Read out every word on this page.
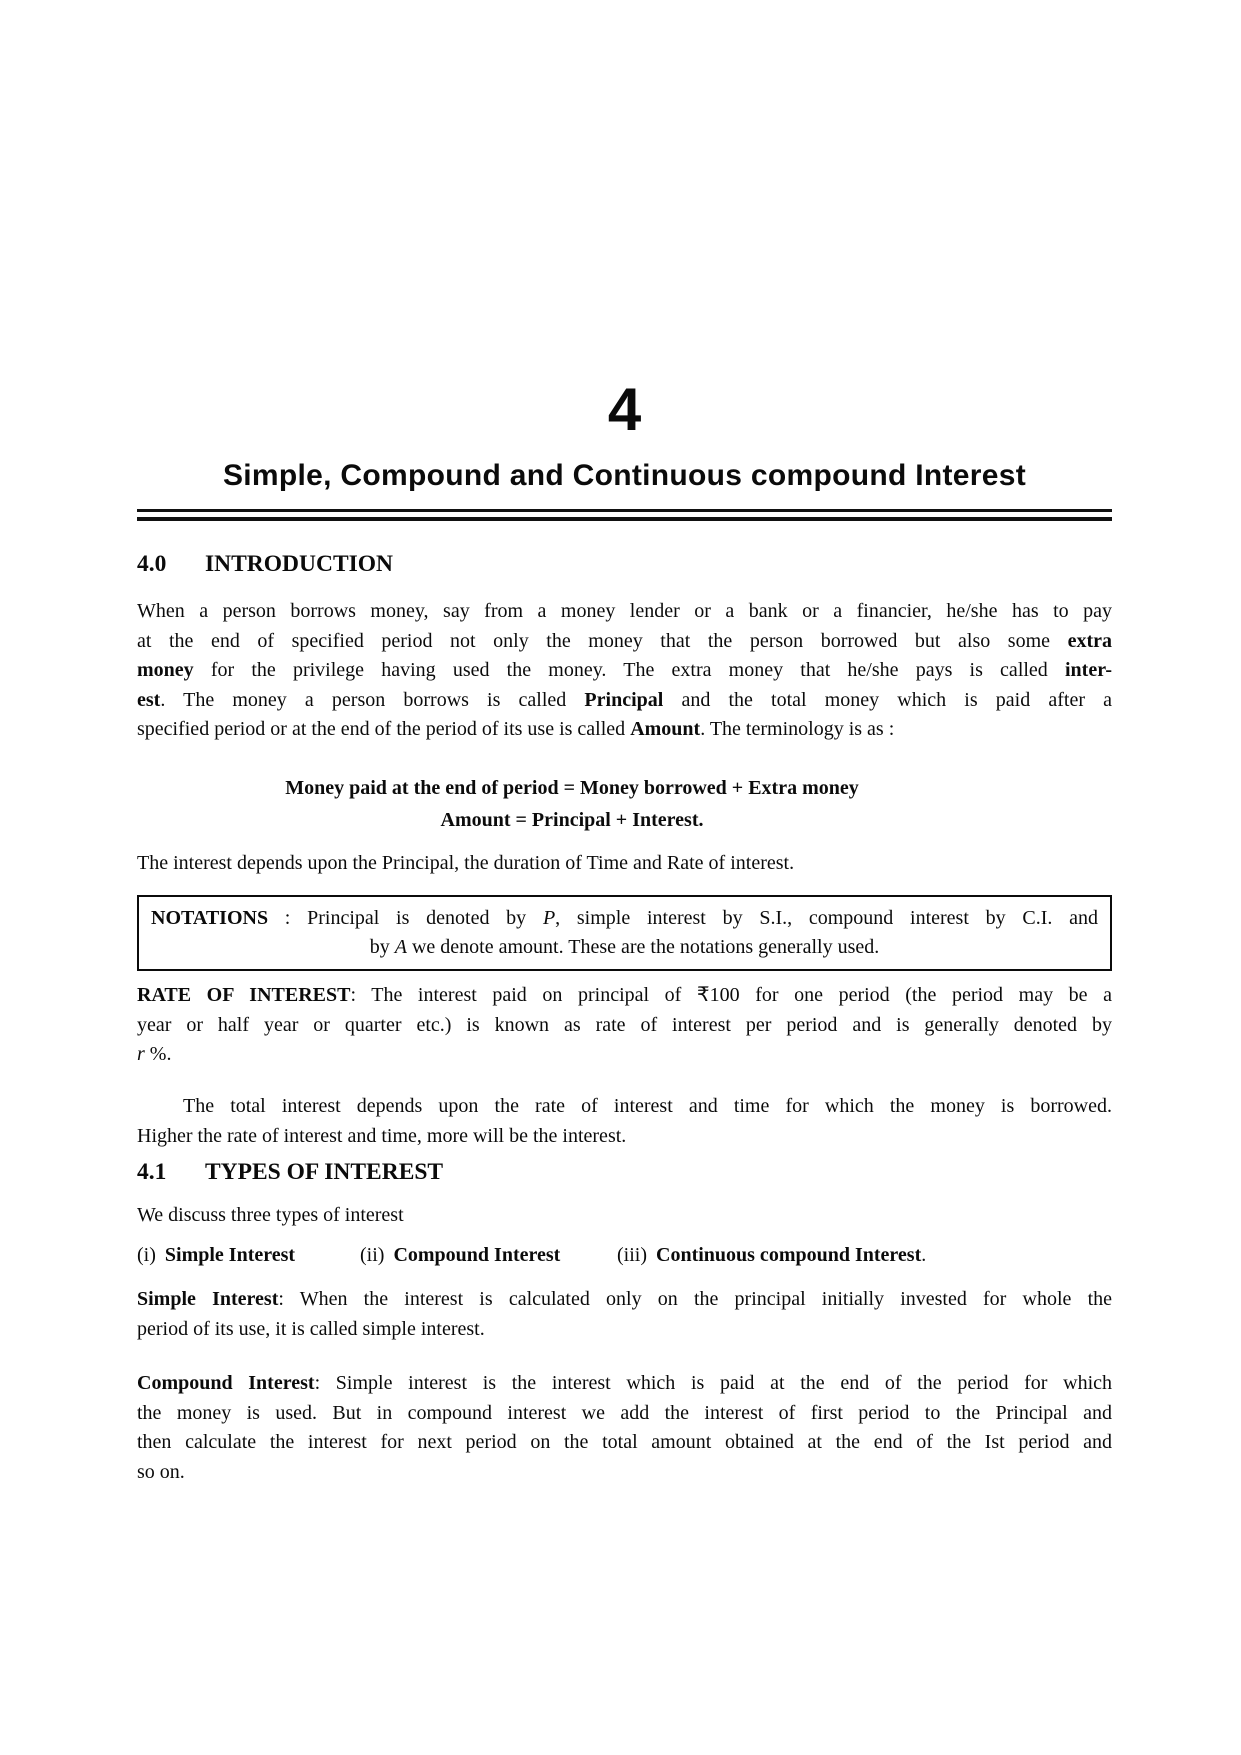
4
Simple, Compound and Continuous compound Interest
4.0 INTRODUCTION
When a person borrows money, say from a money lender or a bank or a financier, he/she has to pay
at the end of specified period not only the money that the person borrowed but also some extra
money for the privilege having used the money. The extra money that he/she pays is called inter-
est. The money a person borrows is called Principal and the total money which is paid after a
specified period or at the end of the period of its use is called Amount. The terminology is as :
Money paid at the end of period = Money borrowed + Extra money
Amount = Principal + Interest.
The interest depends upon the Principal, the duration of Time and Rate of interest.
NOTATIONS : Principal is denoted by P, simple interest by S.I., compound interest by C.I. and
by A we denote amount. These are the notations generally used.
RATE OF INTEREST: The interest paid on principal of ₹100 for one period (the period may be a
year or half year or quarter etc.) is known as rate of interest per period and is generally denoted by
r %.
The total interest depends upon the rate of interest and time for which the money is borrowed.
Higher the rate of interest and time, more will be the interest.
4.1 TYPES OF INTEREST
We discuss three types of interest
(i) Simple Interest	(ii) Compound Interest	(iii) Continuous compound Interest.
Simple Interest: When the interest is calculated only on the principal initially invested for whole the
period of its use, it is called simple interest.
Compound Interest: Simple interest is the interest which is paid at the end of the period for which
the money is used. But in compound interest we add the interest of first period to the Principal and
then calculate the interest for next period on the total amount obtained at the end of the Ist period and
so on.
